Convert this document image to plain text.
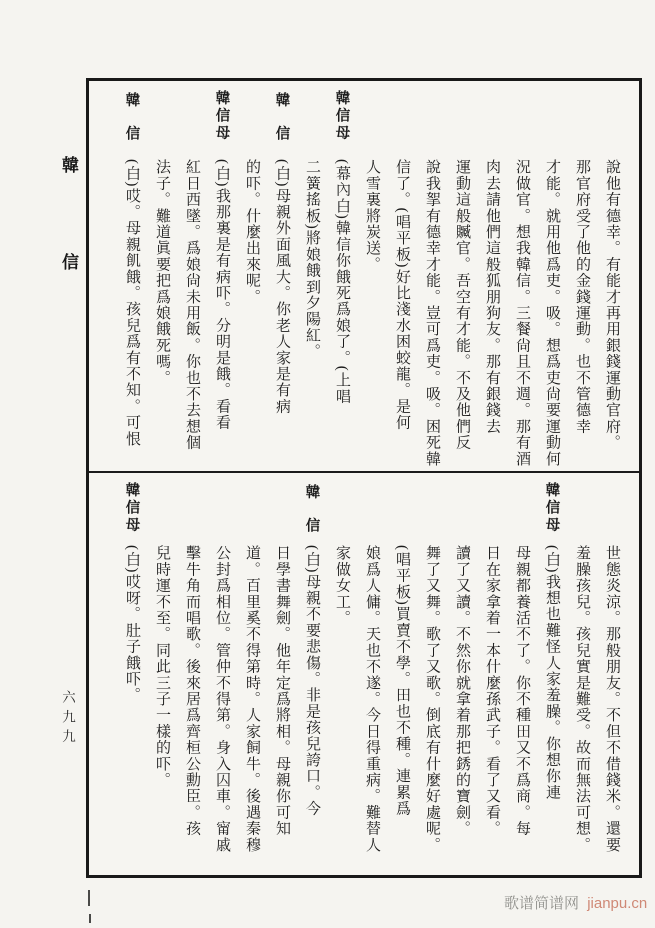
韓信
六九九
說他有德幸。有能才再用銀錢運動官府。
那官府受了他的金錢運動。也不管德幸
才能。就用他爲吏。吸。想爲吏尙要運動何
況做官。想我韓信。三餐尙且不週。那有酒
肉去請他們這般狐朋狗友。那有銀錢去
運動這般贓官。吾空有才能。不及他們反
說我挐有德幸才能。豈可爲吏。吸。困死韓
信了。(唱平板)好比淺水困蛟龍。是何
人雪裏將炭送。
韓信母
(幕內白)韓信你餓死爲娘了。(上唱
二簧搖板)將娘餓到夕陽紅。
韓信
(白)母親外面風大。你老人家是有病
的吓。什麼出來呢。
韓信母
(白)我那裏是有病吓。分明是餓。看看
紅日西墜。爲娘尙未用飯。你也不去想個
法子。難道眞要把爲娘餓死嗎。
韓信
(白)哎。母親飢餓。孩兒爲有不知。可恨
世態炎涼。那般朋友。不但不借錢米。還要
羞臊孩兒。孩兒實是難受。故而無法可想。
韓信母
(白)我想也難怪人家羞臊。你想你連
母親都養活不了。你不種田又不爲商。每
日在家拿着一本什麼孫武子。看了又看。
讀了又讀。不然你就拿着那把銹的寶劍。
舞了又舞。歌了又歌。倒底有什麼好處呢。
(唱平板)買賣不學。田也不種。連累爲
娘爲人傭。天也不遂。今日得重病。難替人
家做女工。
韓信
(白)母親不要悲傷。非是孩兒誇口。今
日學書舞劍。他年定爲將相。母親你可知
道。百里奚不得第時。人家飼牛。後遇秦穆
公封爲相位。管仲不得第。身入囚車。甯戚
擊牛角而唱歌。後來居爲齊桓公勳臣。孩
兒時運不至。同此三子一樣的吓。
韓信母
(白)哎呀。肚子餓吓。
歌谱简谱网 jianpu.cn
